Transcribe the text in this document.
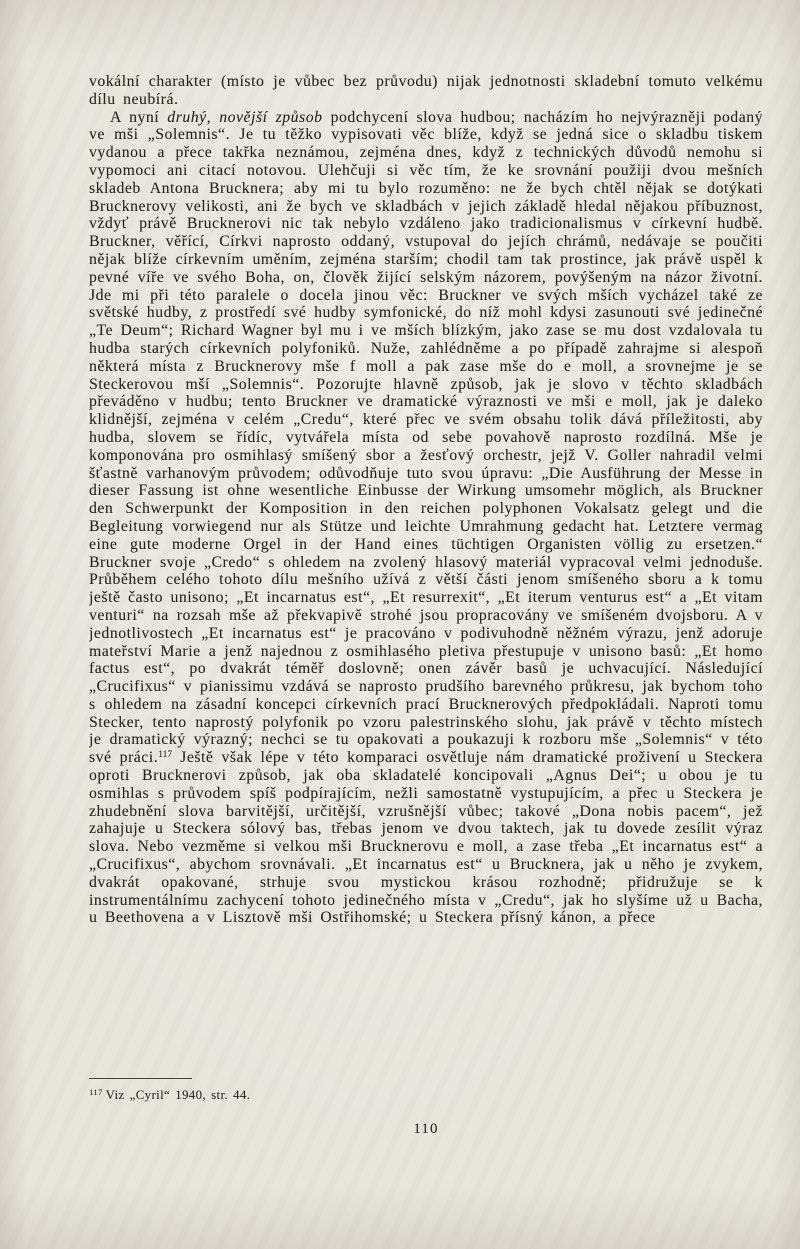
vokální charakter (místo je vůbec bez průvodu) nijak jednotnosti skladební tomuto velkému dílu neubírá.

A nyní druhý, novější způsob podchycení slova hudbou; nacházím ho nejvýrazněji podaný ve mši „Solemnis“. Je tu těžko vypisovati věc blíže, když se jedná sice o skladbu tiskem vydanou a přece takřka neznámou, zejména dnes, když z technických důvodů nemohu si vypomoci ani citací notovou. Ulehčuji si věc tím, že ke srovnání použiji dvou mešních skladeb Antona Brucknera; aby mi tu bylo rozuměno: ne že bych chtěl nějak se dotýkati Brucknerovy velikosti, ani že bych ve skladbách v jejich základě hledal nějakou příbuznost, vždyť právě Brucknerovi nic tak nebylo vzdáleno jako tradicionalismus v církevní hudbě. Bruckner, věřící, Církvi naprosto oddaný, vstupoval do jejích chrámů, nedávaje se poučiti nějak blíže církevním uměním, zejména starším; chodil tam tak prostince, jak právě uspěl k pevné víře ve svého Boha, on, člověk žijící selským názorem, povýšeným na názor životní. Jde mi při této paralele o docela jinou věc: Bruckner ve svých mších vycházel také ze světské hudby, z prostředí své hudby symfonické, do níž mohl kdysi zasunouti své jedinečné „Te Deum“; Richard Wagner byl mu i ve mších blízkým, jako zase se mu dost vzdalovala tu hudba starých církevních polyfoniků. Nuže, zahlédněme a po případě zahrajme si alespoň některá místa z Brucknerovy mše f moll a pak zase mše do e moll, a srovnejme je se Steckerovou mší „Solemnis“. Pozorujte hlavně způsob, jak je slovo v těchto skladbách převáděno v hudbu; tento Bruckner ve dramatické výraznosti ve mši e moll, jak je daleko klidnější, zejména v celém „Credu“, které přec ve svém obsahu tolik dává příležitosti, aby hudba, slovem se řídíc, vytvářela místa od sebe povahově naprosto rozdílná. Mše je komponována pro osmihlasý smíšený sbor a žesťový orchestr, jejž V. Goller nahradil velmi šťastně varhanovým průvodem; odůvodňuje tuto svou úpravu: „Die Ausführung der Messe in dieser Fassung ist ohne wesentliche Einbusse der Wirkung umsomehr möglich, als Bruckner den Schwerpunkt der Komposition in den reichen polyphonen Vokalsatz gelegt und die Begleitung vorwiegend nur als Stütze und leichte Umrahmung gedacht hat. Letztere vermag eine gute moderne Orgel in der Hand eines tüchtigen Organisten völlig zu ersetzen.“ Bruckner svoje „Credo“ s ohledem na zvolený hlasový materiál vypracoval velmi jednoduše. Průběhem celého tohoto dílu mešního užívá z větší části jenom smíšeného sboru a k tomu ještě často unisono; „Et incarnatus est“, „Et resurrexit“, „Et iterum venturus est“ a „Et vitam venturi“ na rozsah mše až překvapivě strohé jsou propracovány ve smíšeném dvojsboru. A v jednotlivostech „Et incarnatus est“ je pracováno v podivuhodně něžném výrazu, jenž adoruje mateřství Marie a jenž najednou z osmihlasého pletiva přestupuje v unisono basů: „Et homo factus est“, po dvakrát téměř doslovně; onen závěr basů je uchvacující. Následující „Crucifixus“ v pianissimu vzdává se naprosto prudšího barevného průkresu, jak bychom toho s ohledem na zásadní koncepci církevních prací Brucknerových předpokládali. Naproti tomu Stecker, tento naprostý polyfonik po vzoru palestrinského slohu, jak právě v těchto místech je dramatický výrazný; nechci se tu opakovati a poukazuji k rozboru mše „Solemnis“ v této své práci.$^{117}$ Ještě však lépe v této komparaci osvětluje nám dramatické proživení u Steckera oproti Brucknerovi způsob, jak oba skladatelé koncipovali „Agnus Dei“; u obou je tu osmihlas s průvodem spíš podpírajícím, nežli samostatně vystupujícím, a přec u Steckera je zhudebnění slova barvitější, určitější, vzrušnější vůbec; takové „Dona nobis pacem“, jež zahajuje u Steckera sólový bas, třebas jenom ve dvou taktech, jak tu dovede zesílit výraz slova. Nebo vezměme si velkou mši Brucknerovu e moll, a zase třeba „Et incarnatus est“ a „Crucifixus“, abychom srovnávali. „Et incarnatus est“ u Brucknera, jak u něho je zvykem, dvakrát opakované, strhuje svou mystickou krásou rozhodně; přidružuje se k instrumentálnímu zachycení tohoto jedinečného místa v „Credu“, jak ho slyšíme už u Bacha, u Beethovena a v Lisztově mši Ostřihomské; u Steckera přísný kánon, a přece

$^{117}$ Viz „Cyril“ 1940, str. 44.

110
